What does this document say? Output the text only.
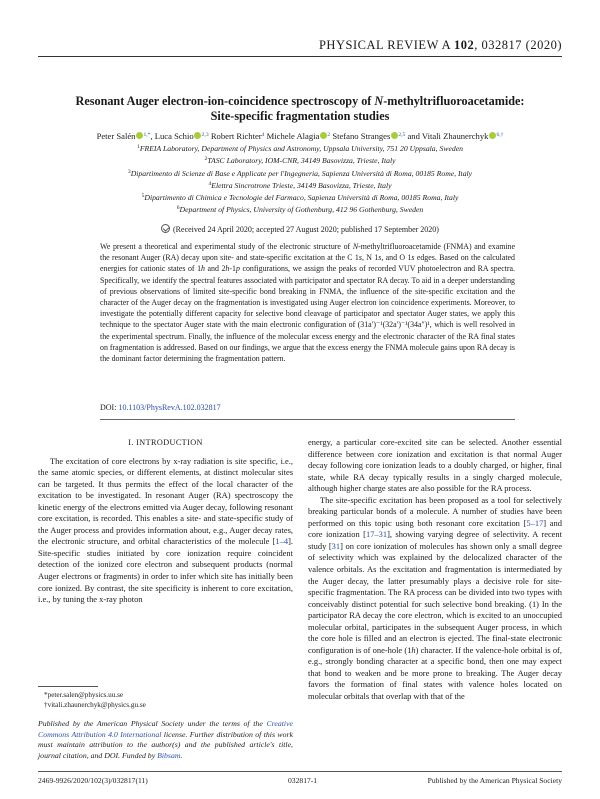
PHYSICAL REVIEW A 102, 032817 (2020)
Resonant Auger electron-ion-coincidence spectroscopy of N-methyltrifluoroacetamide:
Site-specific fragmentation studies
Peter Salén $^{1,*}$, Luca Schio $^{2,3}$ Robert Richter$^4$ Michele Alagia $^2$ Stefano Stranges $^{2,5}$ and Vitali Zhaunerchyk $^{6,\dagger}$
$^1$FREIA Laboratory, Department of Physics and Astronomy, Uppsala University, 751 20 Uppsala, Sweden
$^2$TASC Laboratory, IOM-CNR, 34149 Basovizza, Trieste, Italy
$^3$Dipartimento di Scienze di Base e Applicate per l'Ingegneria, Sapienza Università di Roma, 00185 Rome, Italy
$^4$Elettra Sincrotrone Trieste, 34149 Basovizza, Trieste, Italy
$^5$Dipartimento di Chimica e Tecnologie del Farmaco, Sapienza Università di Roma, 00185 Roma, Italy
$^6$Department of Physics, University of Gothenburg, 412 96 Gothenburg, Sweden
(Received 24 April 2020; accepted 27 August 2020; published 17 September 2020)
We present a theoretical and experimental study of the electronic structure of N-methyltrifluoroacetamide (FNMA) and examine the resonant Auger (RA) decay upon site- and state-specific excitation at the C 1s, N 1s, and O 1s edges. Based on the calculated energies for cationic states of 1h and 2h-1p configurations, we assign the peaks of recorded VUV photoelectron and RA spectra. Specifically, we identify the spectral features associated with participator and spectator RA decay. To aid in a deeper understanding of previous observations of limited site-specific bond breaking in FNMA, the influence of the site-specific excitation and the character of the Auger decay on the fragmentation is investigated using Auger electron ion coincidence experiments. Moreover, to investigate the potentially different capacity for selective bond cleavage of participator and spectator Auger states, we apply this technique to the spectator Auger state with the main electronic configuration of (31a′)⁻¹(32a′)⁻¹(34a″)¹, which is well resolved in the experimental spectrum. Finally, the influence of the molecular excess energy and the electronic character of the RA final states on fragmentation is addressed. Based on our findings, we argue that the excess energy the FNMA molecule gains upon RA decay is the dominant factor determining the fragmentation pattern.
DOI: 10.1103/PhysRevA.102.032817
I. INTRODUCTION

The excitation of core electrons by x-ray radiation is site specific, i.e., the same atomic species, or different elements, at distinct molecular sites can be targeted. It thus permits the effect of the local character of the excitation to be investigated. In resonant Auger (RA) spectroscopy the kinetic energy of the electrons emitted via Auger decay, following resonant core excitation, is recorded. This enables a site- and state-specific study of the Auger process and provides information about, e.g., Auger decay rates, the electronic structure, and orbital characteristics of the molecule [1–4]. Site-specific studies initiated by core ionization require coincident detection of the ionized core electron and subsequent products (normal Auger electrons or fragments) in order to infer which site has initially been core ionized. By contrast, the site specificity is inherent to core excitation, i.e., by tuning the x-ray photon

energy, a particular core-excited site can be selected. Another essential difference between core ionization and excitation is that normal Auger decay following core ionization leads to a doubly charged, or higher, final state, while RA decay typically results in a singly charged molecule, although higher charge states are also possible for the RA process.

The site-specific excitation has been proposed as a tool for selectively breaking particular bonds of a molecule. A number of studies have been performed on this topic using both resonant core excitation [5–17] and core ionization [17–31], showing varying degree of selectivity. A recent study [31] on core ionization of molecules has shown only a small degree of selectivity which was explained by the delocalized character of the valence orbitals. As the excitation and fragmentation is intermediated by the Auger decay, the latter presumably plays a decisive role for site-specific fragmentation. The RA process can be divided into two types with conceivably distinct potential for such selective bond breaking. (1) In the participator RA decay the core electron, which is excited to an unoccupied molecular orbital, participates in the subsequent Auger process, in which the core hole is filled and an electron is ejected. The final-state electronic configuration is of one-hole (1h) character. If the valence-hole orbital is of, e.g., strongly bonding character at a specific bond, then one may expect that bond to weaken and be more prone to breaking. The Auger decay favors the formation of final states with valence holes located on molecular orbitals that overlap with that of the

*peter.salen@physics.uu.se
†vitali.zhaunerchyk@physics.gu.se
Published by the American Physical Society under the terms of the Creative Commons Attribution 4.0 International license. Further distribution of this work must maintain attribution to the author(s) and the published article's title, journal citation, and DOI. Funded by Bibsam.
2469-9926/2020/102(3)/032817(11)	032817-1	Published by the American Physical Society
